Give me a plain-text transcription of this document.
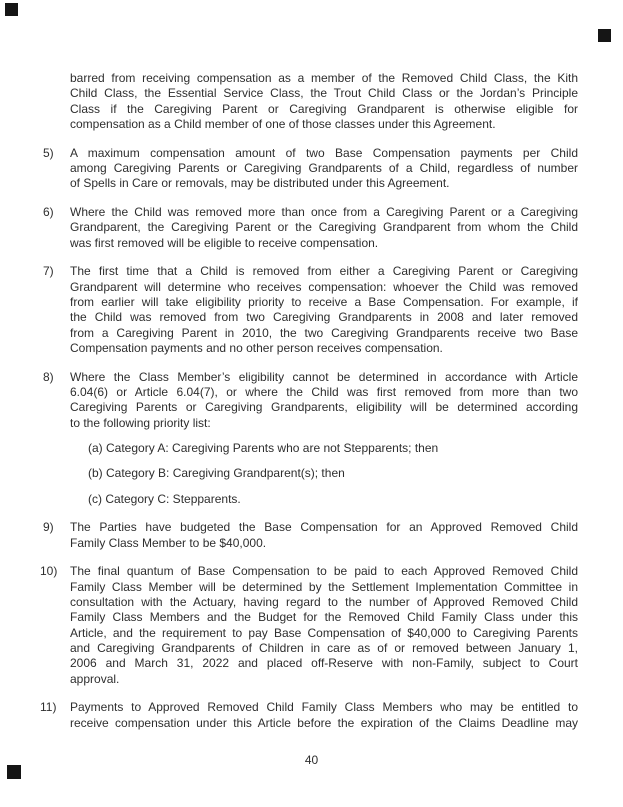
barred from receiving compensation as a member of the Removed Child Class, the Kith
Child Class, the Essential Service Class, the Trout Child Class or the Jordan’s Principle
Class if the Caregiving Parent or Caregiving Grandparent is otherwise eligible for
compensation as a Child member of one of those classes under this Agreement.
5) A maximum compensation amount of two Base Compensation payments per Child
among Caregiving Parents or Caregiving Grandparents of a Child, regardless of number
of Spells in Care or removals, may be distributed under this Agreement.
6) Where the Child was removed more than once from a Caregiving Parent or a Caregiving
Grandparent, the Caregiving Parent or the Caregiving Grandparent from whom the Child
was first removed will be eligible to receive compensation.
7) The first time that a Child is removed from either a Caregiving Parent or Caregiving
Grandparent will determine who receives compensation: whoever the Child was removed
from earlier will take eligibility priority to receive a Base Compensation. For example, if
the Child was removed from two Caregiving Grandparents in 2008 and later removed
from a Caregiving Parent in 2010, the two Caregiving Grandparents receive two Base
Compensation payments and no other person receives compensation.
8) Where the Class Member’s eligibility cannot be determined in accordance with Article
6.04(6) or Article 6.04(7), or where the Child was first removed from more than two
Caregiving Parents or Caregiving Grandparents, eligibility will be determined according
to the following priority list:
(a) Category A: Caregiving Parents who are not Stepparents; then
(b) Category B: Caregiving Grandparent(s); then
(c) Category C: Stepparents.
9) The Parties have budgeted the Base Compensation for an Approved Removed Child
Family Class Member to be $40,000.
10) The final quantum of Base Compensation to be paid to each Approved Removed Child
Family Class Member will be determined by the Settlement Implementation Committee in
consultation with the Actuary, having regard to the number of Approved Removed Child
Family Class Members and the Budget for the Removed Child Family Class under this
Article, and the requirement to pay Base Compensation of $40,000 to Caregiving Parents
and Caregiving Grandparents of Children in care as of or removed between January 1,
2006 and March 31, 2022 and placed off-Reserve with non-Family, subject to Court
approval.
11) Payments to Approved Removed Child Family Class Members who may be entitled to
receive compensation under this Article before the expiration of the Claims Deadline may
40
